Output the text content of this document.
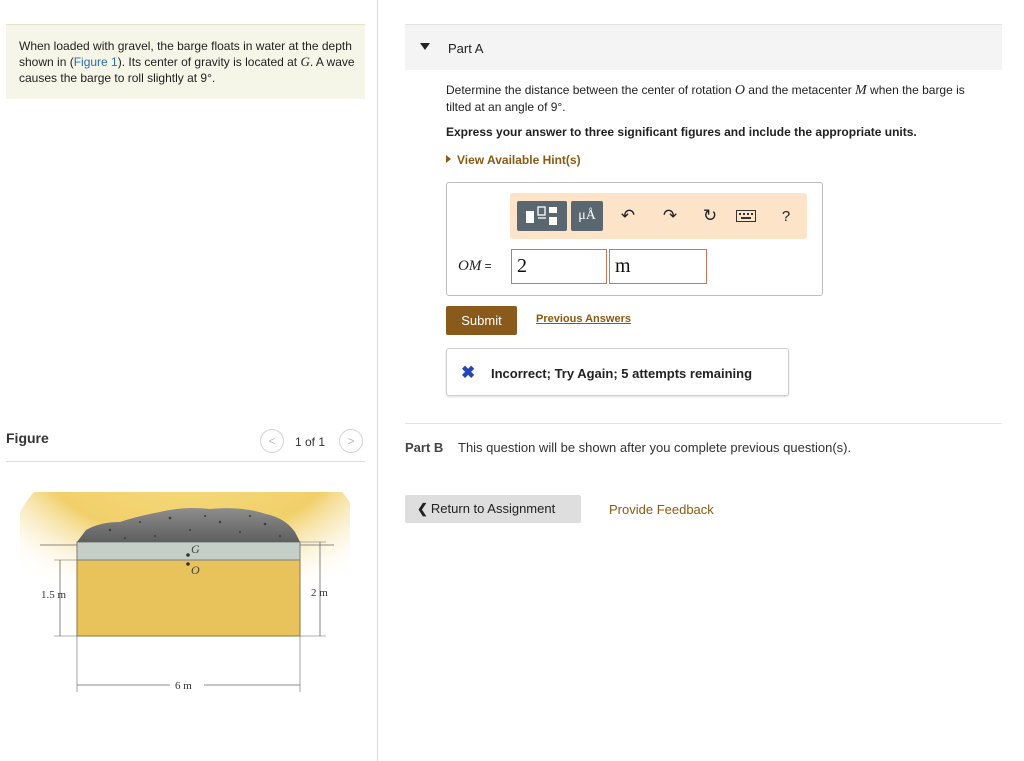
When loaded with gravel, the barge floats in water at the depth shown in (Figure 1). Its center of gravity is located at G. A wave causes the barge to roll slightly at 9°.
Figure	<	1 of 1	>
G
O
1.5 m	2 m
6 m
Part A
Determine the distance between the center of rotation O and the metacenter M when the barge is tilted at an angle of 9°.
Express your answer to three significant figures and include the appropriate units.
View Available Hint(s)
μÅ	↶ ↷ ↻	?
OM =	2	m
Submit	Previous Answers
✖ Incorrect; Try Again; 5 attempts remaining
Part B This question will be shown after you complete previous question(s).
❮ Return to Assignment	Provide Feedback
